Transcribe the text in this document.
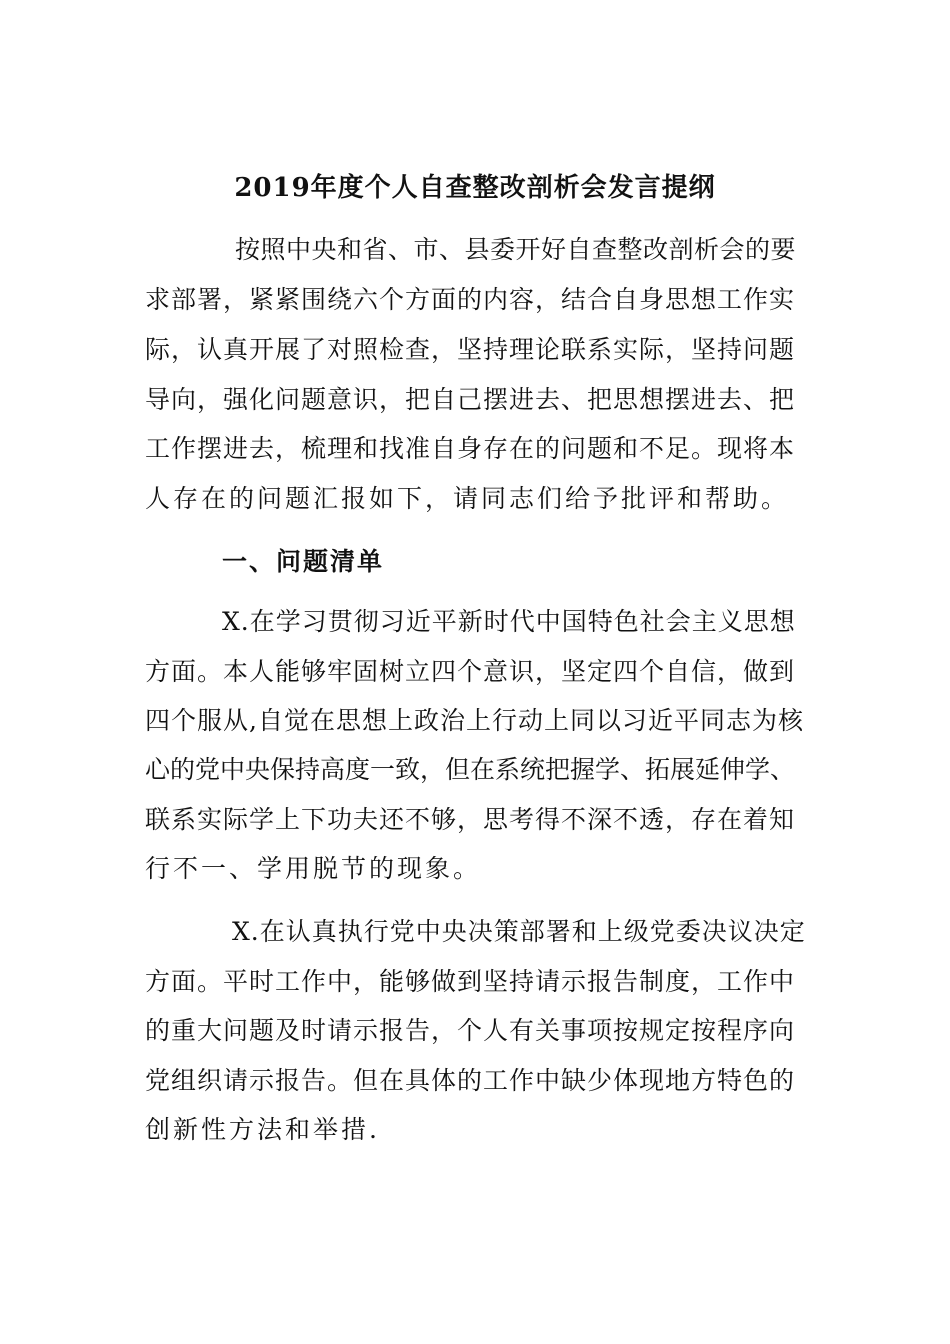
2019年度个人自查整改剖析会发言提纲
按照中央和省、市、县委开好自查整改剖析会的要
求部署，紧紧围绕六个方面的内容，结合自身思想工作实
际，认真开展了对照检查，坚持理论联系实际，坚持问题
导向，强化问题意识，把自己摆进去、把思想摆进去、把
工作摆进去，梳理和找准自身存在的问题和不足。现将本
人存在的问题汇报如下，请同志们给予批评和帮助。
一、问题清单
X.在学习贯彻习近平新时代中国特色社会主义思想
方面。本人能够牢固树立四个意识，坚定四个自信，做到
四个服从,自觉在思想上政治上行动上同以习近平同志为核
心的党中央保持高度一致，但在系统把握学、拓展延伸学、
联系实际学上下功夫还不够，思考得不深不透，存在着知
行不一、学用脱节的现象。
X.在认真执行党中央决策部署和上级党委决议决定
方面。平时工作中，能够做到坚持请示报告制度，工作中
的重大问题及时请示报告，个人有关事项按规定按程序向
党组织请示报告。但在具体的工作中缺少体现地方特色的
创新性方法和举措.
